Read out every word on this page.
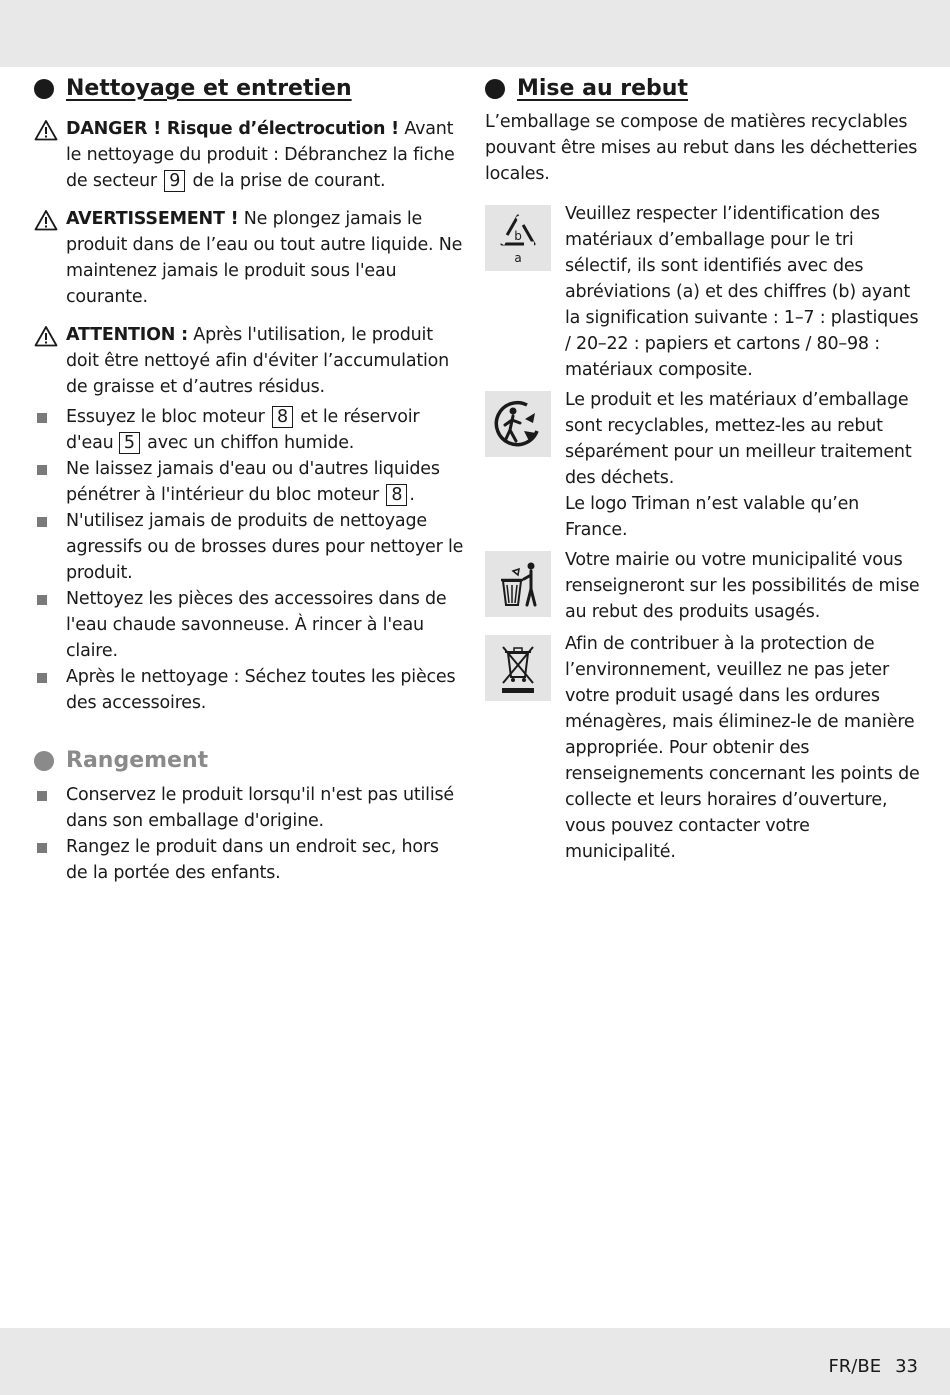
Nettoyage et entretien
DANGER ! Risque d’électrocution ! Avant le nettoyage du produit : Débranchez la fiche de secteur 9 de la prise de courant.
AVERTISSEMENT ! Ne plongez jamais le produit dans de l’eau ou tout autre liquide. Ne maintenez jamais le produit sous l'eau courante.
ATTENTION : Après l'utilisation, le produit doit être nettoyé afin d'éviter l’accumulation de graisse et d’autres résidus.
Essuyez le bloc moteur 8 et le réservoir d'eau 5 avec un chiffon humide.
Ne laissez jamais d'eau ou d'autres liquides pénétrer à l'intérieur du bloc moteur 8 .
N'utilisez jamais de produits de nettoyage agressifs ou de brosses dures pour nettoyer le produit.
Nettoyez les pièces des accessoires dans de l'eau chaude savonneuse. À rincer à l'eau claire.
Après le nettoyage : Séchez toutes les pièces des accessoires.
Rangement
Conservez le produit lorsqu'il n'est pas utilisé dans son emballage d'origine.
Rangez le produit dans un endroit sec, hors de la portée des enfants.
Mise au rebut
L’emballage se compose de matières recyclables pouvant être mises au rebut dans les déchetteries locales.
b
a
Veuillez respecter l’identification des matériaux d’emballage pour le tri sélectif, ils sont identifiés avec des abréviations (a) et des chiffres (b) ayant la signification suivante : 1–7 : plastiques / 20–22 : papiers et cartons / 80–98 : matériaux composite.
Le produit et les matériaux d’emballage sont recyclables, mettez-les au rebut séparément pour un meilleur traitement des déchets.
Le logo Triman n’est valable qu’en France.
Votre mairie ou votre municipalité vous renseigneront sur les possibilités de mise au rebut des produits usagés.
Afin de contribuer à la protection de l’environnement, veuillez ne pas jeter votre produit usagé dans les ordures ménagères, mais éliminez-le de manière appropriée. Pour obtenir des renseignements concernant les points de collecte et leurs horaires d’ouverture, vous pouvez contacter votre municipalité.
FR/BE 33
